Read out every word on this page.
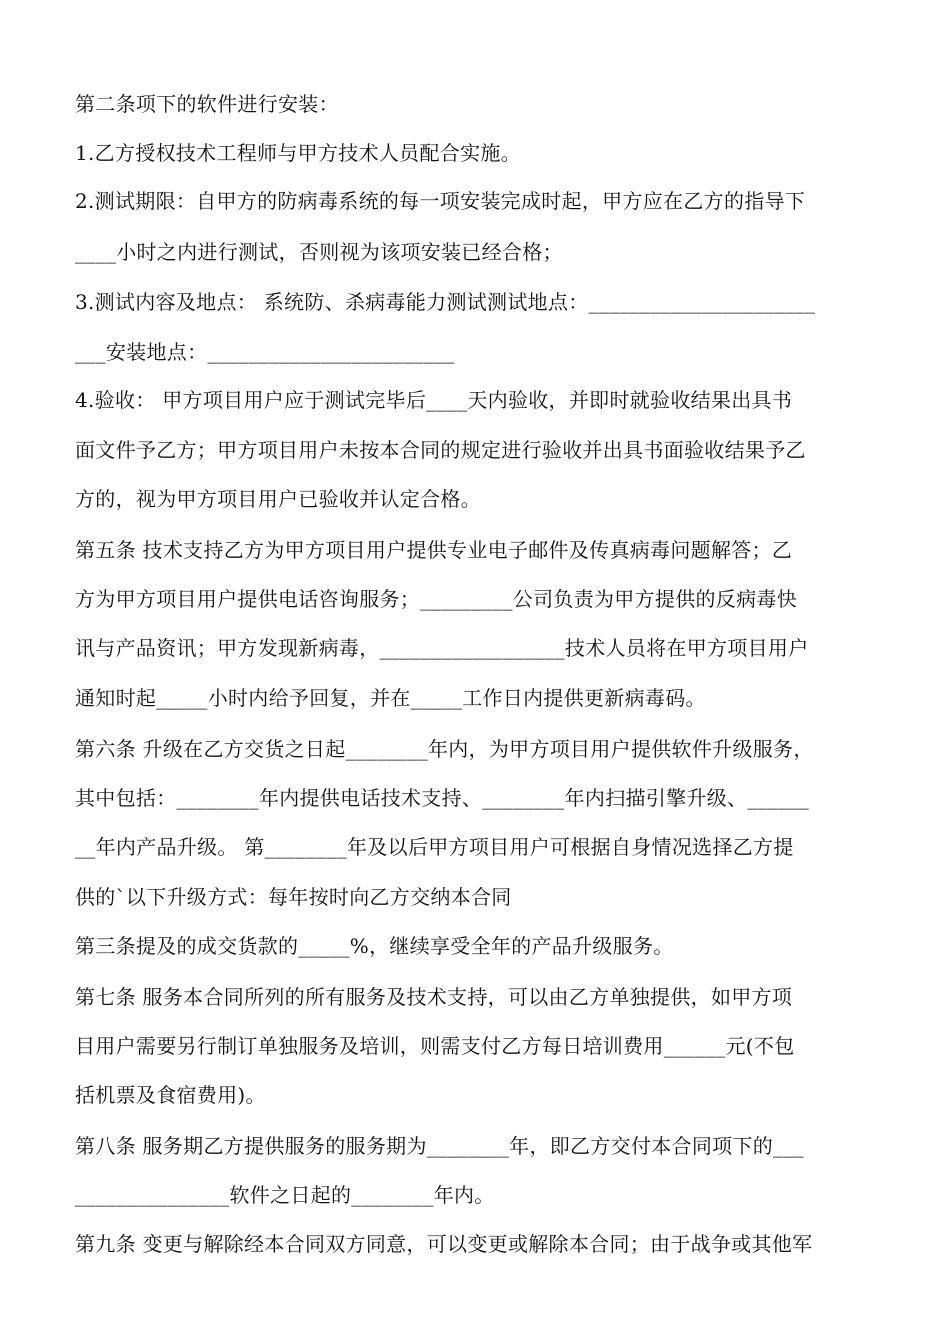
第二条项下的软件进行安装：
1.乙方授权技术工程师与甲方技术人员配合实施。
2.测试期限：自甲方的防病毒系统的每一项安装完成时起，甲方应在乙方的指导下
____小时之内进行测试，否则视为该项安装已经合格；
3.测试内容及地点： 系统防、杀病毒能力测试测试地点：______________________
___安装地点：________________________
4.验收： 甲方项目用户应于测试完毕后____天内验收，并即时就验收结果出具书
面文件予乙方；甲方项目用户未按本合同的规定进行验收并出具书面验收结果予乙
方的，视为甲方项目用户已验收并认定合格。
第五条 技术支持乙方为甲方项目用户提供专业电子邮件及传真病毒问题解答；乙
方为甲方项目用户提供电话咨询服务；_________公司负责为甲方提供的反病毒快
讯与产品资讯；甲方发现新病毒，__________________技术人员将在甲方项目用户
通知时起_____小时内给予回复，并在_____工作日内提供更新病毒码。
第六条 升级在乙方交货之日起________年内，为甲方项目用户提供软件升级服务，
其中包括：________年内提供电话技术支持、________年内扫描引擎升级、______
__年内产品升级。 第________年及以后甲方项目用户可根据自身情况选择乙方提
供的`以下升级方式：每年按时向乙方交纳本合同
第三条提及的成交货款的_____%，继续享受全年的产品升级服务。
第七条 服务本合同所列的所有服务及技术支持，可以由乙方单独提供，如甲方项
目用户需要另行制订单独服务及培训，则需支付乙方每日培训费用______元(不包
括机票及食宿费用)。
第八条 服务期乙方提供服务的服务期为________年，即乙方交付本合同项下的___
_______________软件之日起的________年内。
第九条 变更与解除经本合同双方同意，可以变更或解除本合同；由于战争或其他军
